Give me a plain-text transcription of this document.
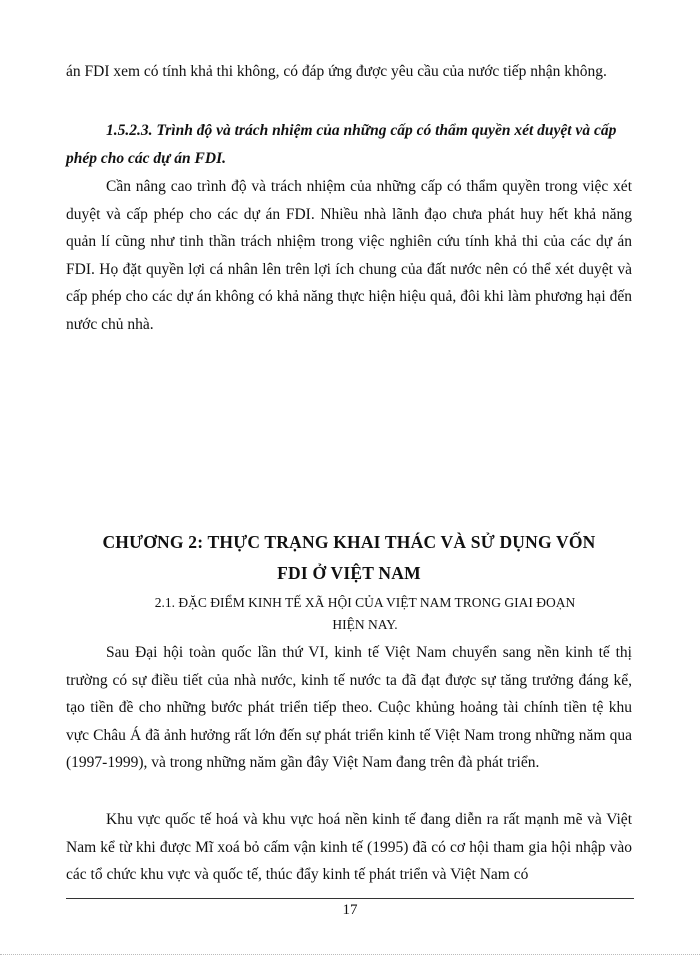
án FDI xem có tính khả thi không, có đáp ứng được yêu cầu của nước tiếp nhận không.

1.5.2.3. Trình độ và trách nhiệm của những cấp có thẩm quyền xét duyệt và cấp phép cho các dự án FDI.

Cần nâng cao trình độ và trách nhiệm của những cấp có thẩm quyền trong việc xét duyệt và cấp phép cho các dự án FDI. Nhiều nhà lãnh đạo chưa phát huy hết khả năng quản lí cũng như tinh thần trách nhiệm trong việc nghiên cứu tính khả thi của các dự án FDI. Họ đặt quyền lợi cá nhân lên trên lợi ích chung của đất nước nên có thể xét duyệt và cấp phép cho các dự án không có khả năng thực hiện hiệu quả, đôi khi làm phương hại đến nước chủ nhà.

CHƯƠNG 2: THỰC TRẠNG KHAI THÁC VÀ SỬ DỤNG VỐN
FDI Ở VIỆT NAM
2.1. ĐẶC ĐIỂM KINH TẾ XÃ HỘI CỦA VIỆT NAM TRONG GIAI ĐOẠN
HIỆN NAY.

Sau Đại hội toàn quốc lần thứ VI, kinh tế Việt Nam chuyển sang nền kinh tế thị trường có sự điều tiết của nhà nước, kinh tế nước ta đã đạt được sự tăng trưởng đáng kể, tạo tiền đề cho những bước phát triển tiếp theo. Cuộc khủng hoảng tài chính tiền tệ khu vực Châu Á đã ảnh hưởng rất lớn đến sự phát triển kinh tế Việt Nam trong những năm qua (1997-1999), và trong những năm gần đây Việt Nam đang trên đà phát triển.

Khu vực quốc tế hoá và khu vực hoá nền kinh tế đang diễn ra rất mạnh mẽ và Việt Nam kể từ khi được Mĩ xoá bỏ cấm vận kinh tế (1995) đã có cơ hội tham gia hội nhập vào các tổ chức khu vực và quốc tế, thúc đẩy kinh tế phát triển và Việt Nam có

17
